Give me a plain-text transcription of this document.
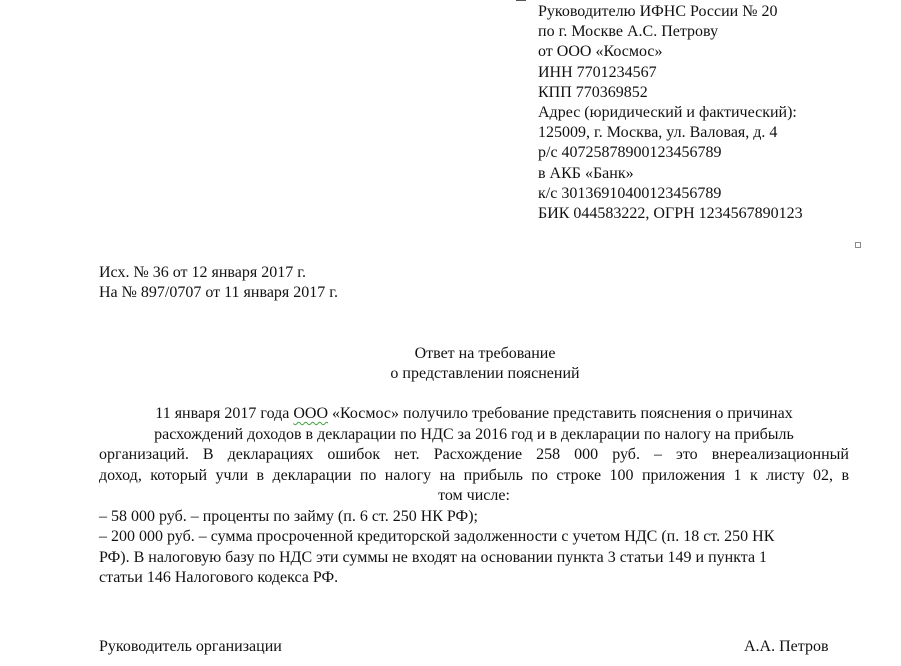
Руководителю ИФНС России № 20
по г. Москве А.С. Петрову
от ООО «Космос»
ИНН 7701234567
КПП 770369852
Адрес (юридический и фактический):
125009, г. Москва, ул. Валовая, д. 4
р/с 40725878900123456789
в АКБ «Банк»
к/с 30136910400123456789
БИК 044583222, ОГРН 1234567890123
Исх. № 36 от 12 января 2017 г.
На № 897/0707 от 11 января 2017 г.
Ответ на требование
о представлении пояснений
11 января 2017 года ООО «Космос» получило требование представить пояснения о причинах
расхождений доходов в декларации по НДС за 2016 год и в декларации по налогу на прибыль
организаций. В декларациях ошибок нет. Расхождение 258 000 руб. – это внереализационный
доход, который учли в декларации по налогу на прибыль по строке 100 приложения 1 к листу 02, в
том числе:
– 58 000 руб. – проценты по займу (п. 6 ст. 250 НК РФ);
– 200 000 руб. – сумма просроченной кредиторской задолженности с учетом НДС (п. 18 ст. 250 НК
РФ). В налоговую базу по НДС эти суммы не входят на основании пункта 3 статьи 149 и пункта 1
статьи 146 Налогового кодекса РФ.
Руководитель организации	А.А. Петров
